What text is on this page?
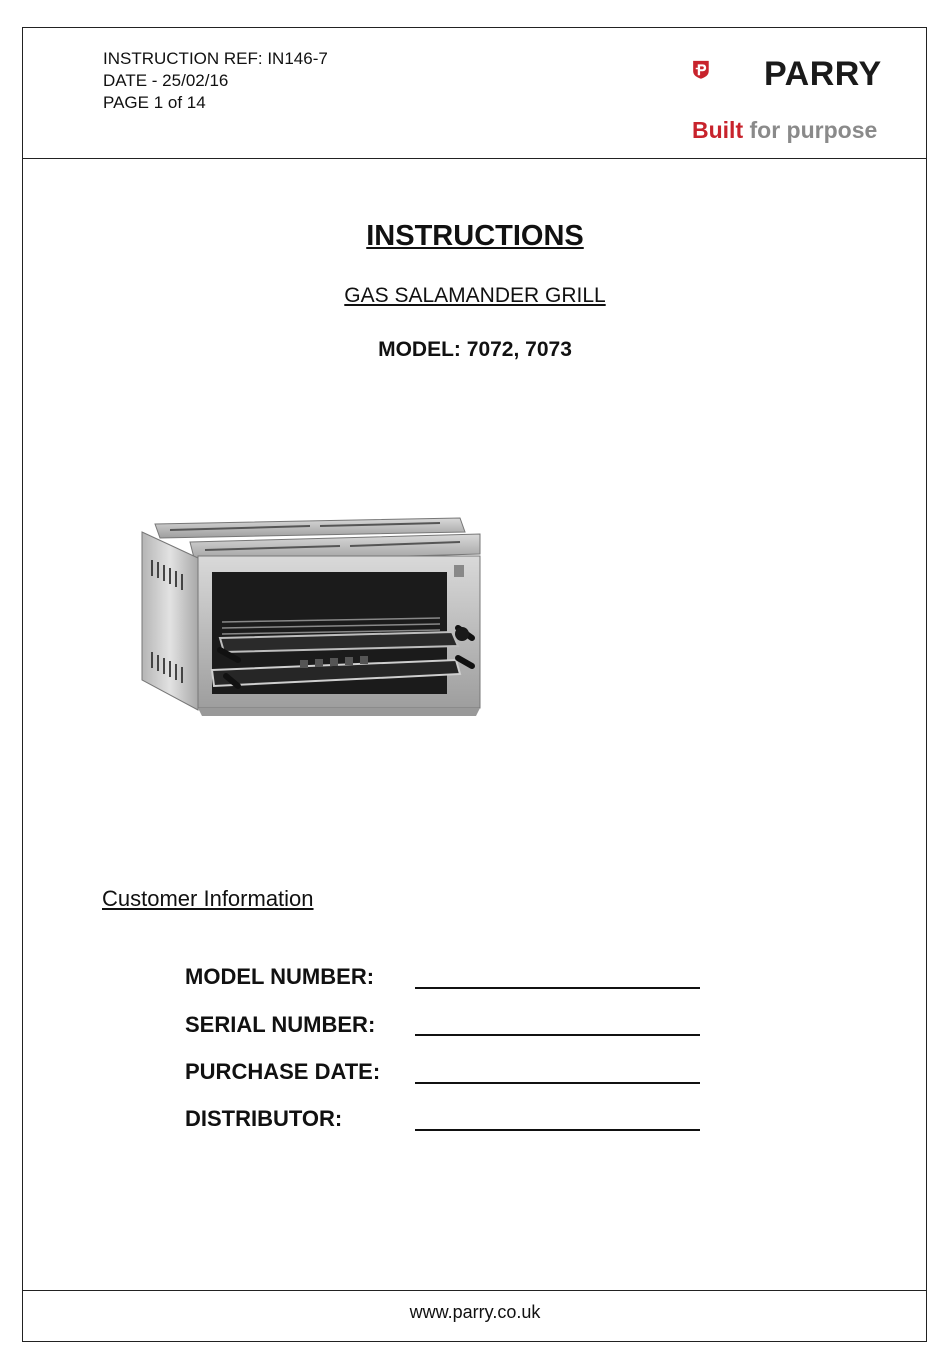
INSTRUCTION REF: IN146-7
DATE - 25/02/16
PAGE 1 of 14
PARRY
Built for purpose
INSTRUCTIONS
GAS SALAMANDER GRILL
MODEL: 7072, 7073
Customer Information
MODEL NUMBER:
SERIAL NUMBER:
PURCHASE DATE:
DISTRIBUTOR:
www.parry.co.uk
